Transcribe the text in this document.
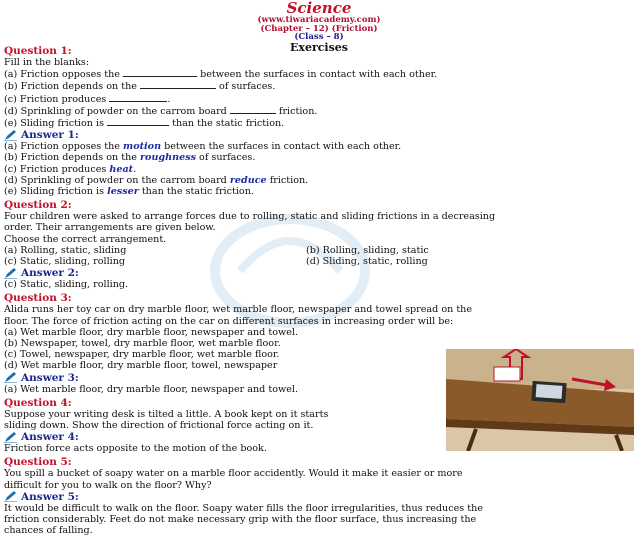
Science
(www.tiwariacademy.com)
(Chapter – 12) (Friction)
(Class – 8)
Exercises
Question 1:
Fill in the blanks:
(a) Friction opposes the	between the surfaces in contact with each other.
(b) Friction depends on the	of surfaces.
(c) Friction produces	.
(d) Sprinkling of powder on the carrom board	friction.
(e) Sliding friction is	than the static friction.
Answer 1:
(a) Friction opposes the motion between the surfaces in contact with each other.
(b) Friction depends on the roughness of surfaces.
(c) Friction produces heat.
(d) Sprinkling of powder on the carrom board reduce friction.
(e) Sliding friction is lesser than the static friction.
Question 2:
Four children were asked to arrange forces due to rolling, static and sliding frictions in a decreasing
order. Their arrangements are given below.
Choose the correct arrangement.
(a) Rolling, static, sliding	(b) Rolling, sliding, static
(c) Static, sliding, rolling	(d) Sliding, static, rolling
Answer 2:
(c) Static, sliding, rolling.
Question 3:
Alida runs her toy car on dry marble floor, wet marble floor, newspaper and towel spread on the
floor. The force of friction acting on the car on different surfaces in increasing order will be:
(a) Wet marble floor, dry marble floor, newspaper and towel.
(b) Newspaper, towel, dry marble floor, wet marble floor.
(c) Towel, newspaper, dry marble floor, wet marble floor.
(d) Wet marble floor, dry marble floor, towel, newspaper
Answer 3:
(a) Wet marble floor, dry marble floor, newspaper and towel.
Question 4:
Suppose your writing desk is tilted a little. A book kept on it starts
sliding down. Show the direction of frictional force acting on it.
Answer 4:
Friction force acts opposite to the motion of the book.
Question 5:
You spill a bucket of soapy water on a marble floor accidently. Would it make it easier or more
difficult for you to walk on the floor? Why?
Answer 5:
It would be difficult to walk on the floor. Soapy water fills the floor irregularities, thus reduces the
friction considerably. Feet do not make necessary grip with the floor surface, thus increasing the
chances of falling.
